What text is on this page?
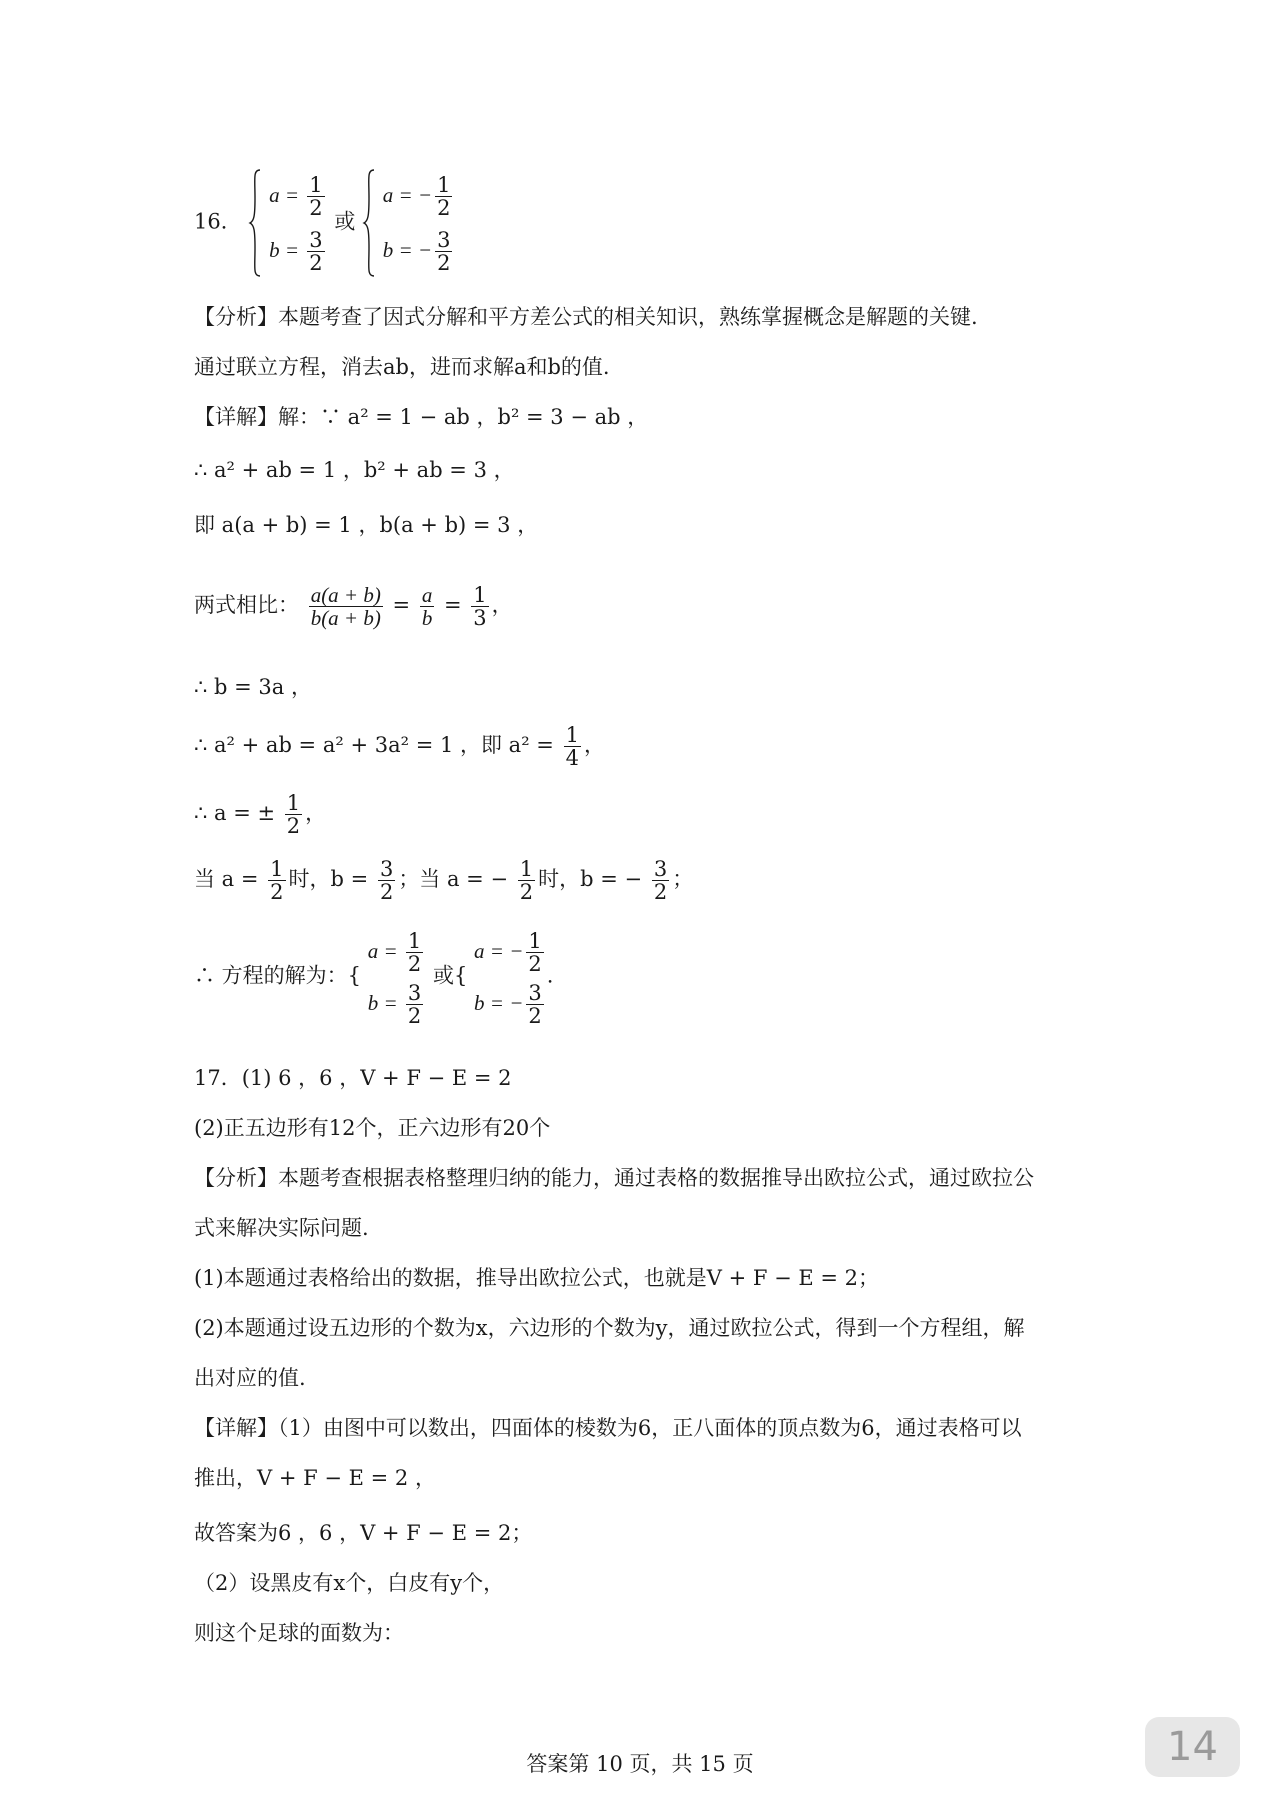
16．
$a = \frac{1}{2}$
$b = \frac{3}{2}$
或
a = − $\frac{1}{2}$
b = − $\frac{3}{2}$
【分析】本题考查了因式分解和平方差公式的相关知识，熟练掌握概念是解题的关键.
通过联立方程，消去ab，进而求解a和b的值.
【详解】解：∵ a² = 1 − ab ，b² = 3 − ab ，
∴ a² + ab = 1 ，b² + ab = 3 ，
即 a(a + b) = 1 ，b(a + b) = 3 ，
两式相比： $\frac{a(a + b)}{b(a + b)} = \frac{a}{b} = \frac{1}{3}$ ，
∴ b = 3a ，
∴ a² + ab = a² + 3a² = 1 ，即 $a^2 = \frac{1}{4}$ ，
∴ a = ± $\frac{1}{2}$ ，
当 $a = \frac{1}{2}$ 时，$b = \frac{3}{2}$ ；当 a = − $\frac{1}{2}$ 时，b = − $\frac{3}{2}$ ；
∴ 方程的解为：{
$a = \frac{1}{2}$
$b = \frac{3}{2}$
或{
a = − $\frac{1}{2}$
b = − $\frac{3}{2}$
.
17．(1) 6 ，6 ，V + F − E = 2
(2)正五边形有12个，正六边形有20个
【分析】本题考查根据表格整理归纳的能力，通过表格的数据推导出欧拉公式，通过欧拉公
式来解决实际问题.
(1)本题通过表格给出的数据，推导出欧拉公式，也就是V + F − E = 2；
(2)本题通过设五边形的个数为x，六边形的个数为y，通过欧拉公式，得到一个方程组，解
出对应的值.
【详解】（1）由图中可以数出，四面体的棱数为6，正八面体的顶点数为6，通过表格可以
推出，V + F − E = 2 ，
故答案为6 ，6 ，V + F − E = 2；
（2）设黑皮有x个，白皮有y个，
则这个足球的面数为：
答案第 10 页，共 15 页	14
